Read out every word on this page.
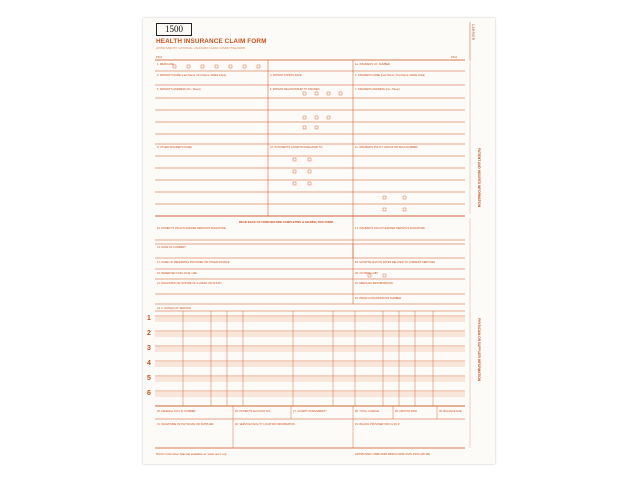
1500
HEALTH INSURANCE CLAIM FORM
APPROVED BY NATIONAL UNIFORM CLAIM COMMITTEE 08/05
CARRIER
PATIENT AND INSURED INFORMATION
PHYSICIAN OR SUPPLIER INFORMATION
PICA	PICA
1. MEDICARE	1a. INSURED'S I.D. NUMBER
2. PATIENT'S NAME (Last Name, First Name, Middle Initial)	3. PATIENT'S BIRTH DATE	4. INSURED'S NAME (Last Name, First Name, Middle Initial)
5. PATIENT'S ADDRESS (No., Street)	6. PATIENT RELATIONSHIP TO INSURED	7. INSURED'S ADDRESS (No., Street)
9. OTHER INSURED'S NAME	10. IS PATIENT'S CONDITION RELATED TO:	11. INSURED'S POLICY GROUP OR FECA NUMBER
READ BACK OF FORM BEFORE COMPLETING & SIGNING THIS FORM.
12. PATIENT'S OR AUTHORIZED PERSON'S SIGNATURE	13. INSURED'S OR AUTHORIZED PERSON'S SIGNATURE
14. DATE OF CURRENT
17. NAME OF REFERRING PROVIDER OR OTHER SOURCE	18. HOSPITALIZATION DATES RELATED TO CURRENT SERVICES
19. RESERVED FOR LOCAL USE	20. OUTSIDE LAB?
21. DIAGNOSIS OR NATURE OF ILLNESS OR INJURY	22. MEDICAID RESUBMISSION
23. PRIOR AUTHORIZATION NUMBER
24. A. DATE(S) OF SERVICE
1
2
3
4
5
6
25. FEDERAL TAX I.D. NUMBER	26. PATIENT'S ACCOUNT NO.	27. ACCEPT ASSIGNMENT?	28. TOTAL CHARGE	29. AMOUNT PAID	30. BALANCE DUE
31. SIGNATURE OF PHYSICIAN OR SUPPLIER	32. SERVICE FACILITY LOCATION INFORMATION	33. BILLING PROVIDER INFO & PH #
NUCC Instruction Manual available at: www.nucc.org	APPROVED OMB-0938-0999 FORM CMS-1500 (08-05)
